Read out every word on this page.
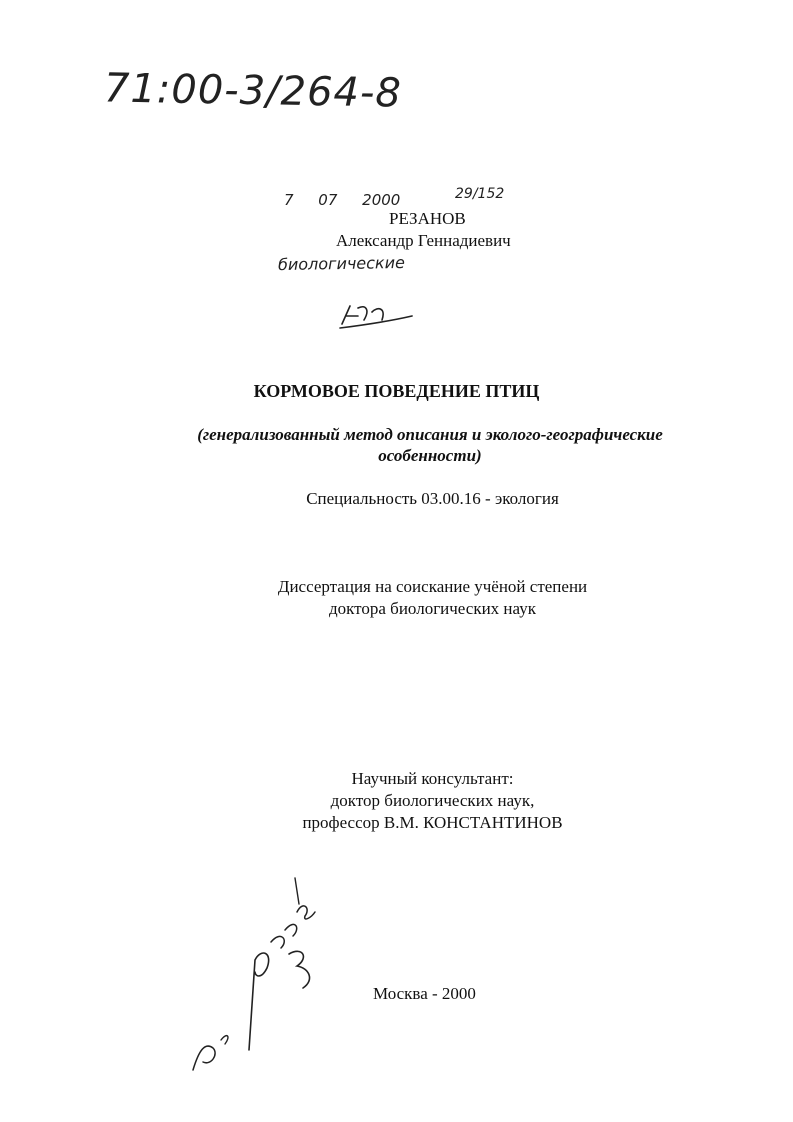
71:00-3/264-8
7 07 2000	29/152
РЕЗАНОВ
Александр Геннадиевич
биологические
КОРМОВОЕ ПОВЕДЕНИЕ ПТИЦ
(генерализованный метод описания и эколого-географические
особенности)
Специальность 03.00.16 - экология
Диссертация на соискание учёной степени
доктора биологических наук
Научный консультант:
доктор биологических наук,
профессор В.М. КОНСТАНТИНОВ
Москва - 2000
